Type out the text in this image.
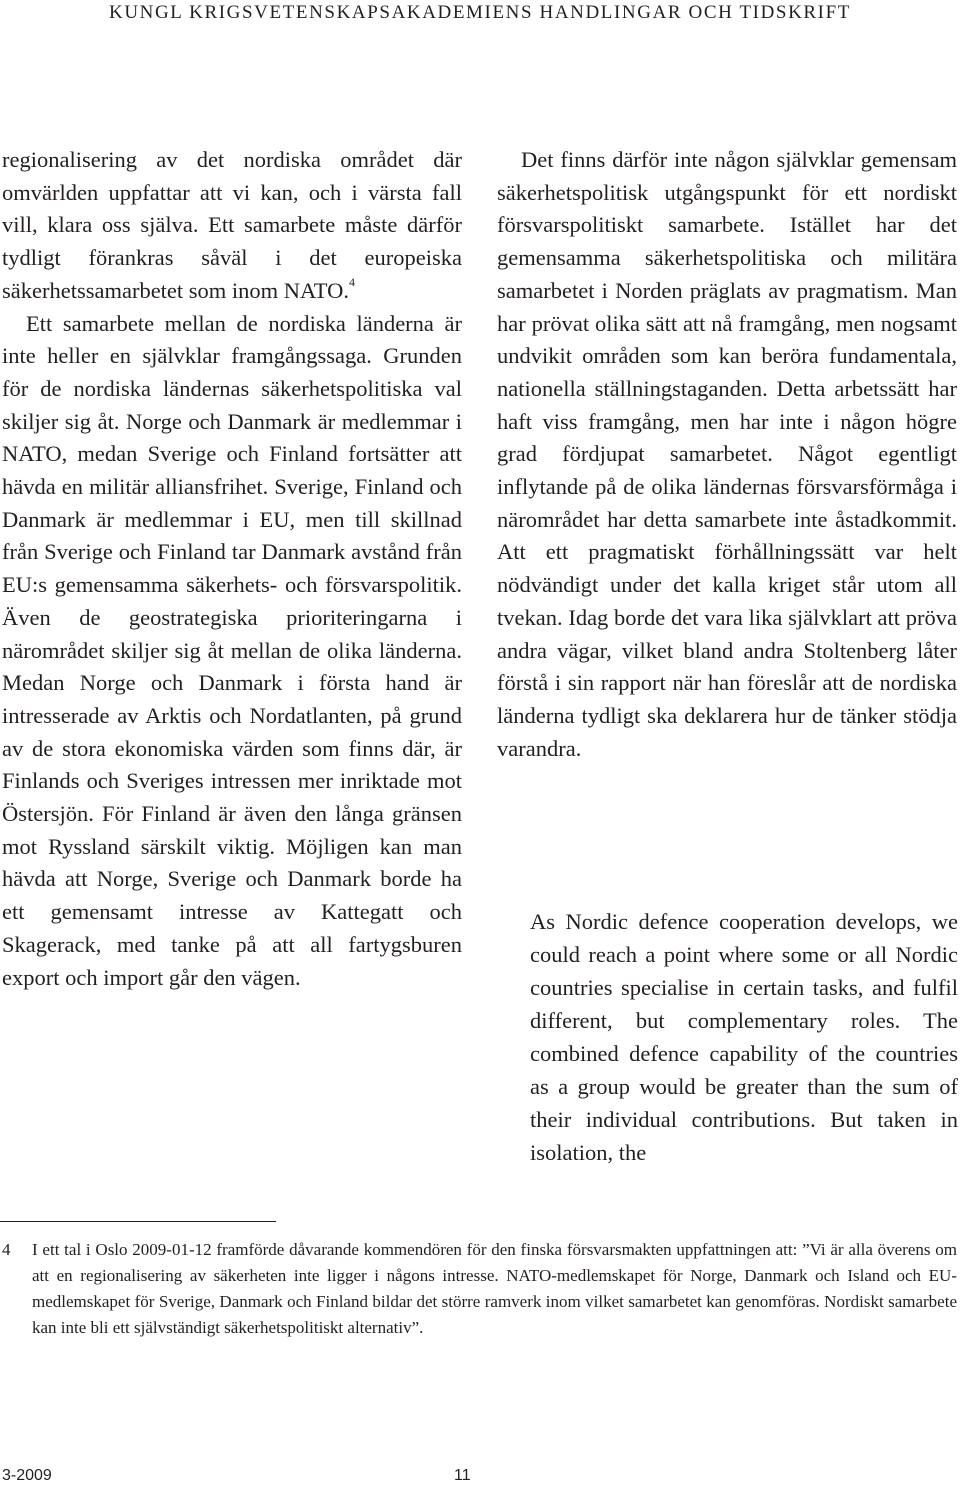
KUNGL KRIGSVETENSKAPSAKADEMIENS HANDLINGAR OCH TIDSKRIFT

regionalisering av det nordiska området där omvärlden uppfattar att vi kan, och i värsta fall vill, klara oss själva. Ett samarbete måste därför tydligt förankras såväl i det europeiska säkerhetssamarbetet som inom NATO.$^4$

Ett samarbete mellan de nordiska länderna är inte heller en självklar framgångssaga. Grunden för de nordiska ländernas säkerhetspolitiska val skiljer sig åt. Norge och Danmark är medlemmar i NATO, medan Sverige och Finland fortsätter att hävda en militär alliansfrihet. Sverige, Finland och Danmark är medlemmar i EU, men till skillnad från Sverige och Finland tar Danmark avstånd från EU:s gemensamma säkerhets- och försvarspolitik. Även de geostrategiska prioriteringarna i närområdet skiljer sig åt mellan de olika länderna. Medan Norge och Danmark i första hand är intresserade av Arktis och Nordatlanten, på grund av de stora ekonomiska värden som finns där, är Finlands och Sveriges intressen mer inriktade mot Östersjön. För Finland är även den långa gränsen mot Ryssland särskilt viktig. Möjligen kan man hävda att Norge, Sverige och Danmark borde ha ett gemensamt intresse av Kattegatt och Skagerack, med tanke på att all fartygsburen export och import går den vägen.

Det finns därför inte någon självklar gemensam säkerhetspolitisk utgångspunkt för ett nordiskt försvarspolitiskt samarbete. Istället har det gemensamma säkerhetspolitiska och militära samarbetet i Norden präglats av pragmatism. Man har prövat olika sätt att nå framgång, men nogsamt undvikit områden som kan beröra fundamentala, nationella ställningstaganden. Detta arbetssätt har haft viss framgång, men har inte i någon högre grad fördjupat samarbetet. Något egentligt inflytande på de olika ländernas försvarsförmåga i närområdet har detta samarbete inte åstadkommit. Att ett pragmatiskt förhållningssätt var helt nödvändigt under det kalla kriget står utom all tvekan. Idag borde det vara lika självklart att pröva andra vägar, vilket bland andra Stoltenberg låter förstå i sin rapport när han föreslår att de nordiska länderna tydligt ska deklarera hur de tänker stödja varandra.

As Nordic defence cooperation develops, we could reach a point where some or all Nordic countries specialise in certain tasks, and fulfil different, but complementary roles. The combined defence capability of the countries as a group would be greater than the sum of their individual contributions. But taken in isolation, the
4 I ett tal i Oslo 2009-01-12 framförde dåvarande kommendören för den finska försvarsmakten uppfattningen att: ”Vi är alla överens om att en regionalisering av säkerheten inte ligger i någons intresse. NATO-medlemskapet för Norge, Danmark och Island och EU-medlemskapet för Sverige, Danmark och Finland bildar det större ramverk inom vilket samarbetet kan genomföras. Nordiskt samarbete kan inte bli ett självständigt säkerhetspolitiskt alternativ”.
3-2009	11
